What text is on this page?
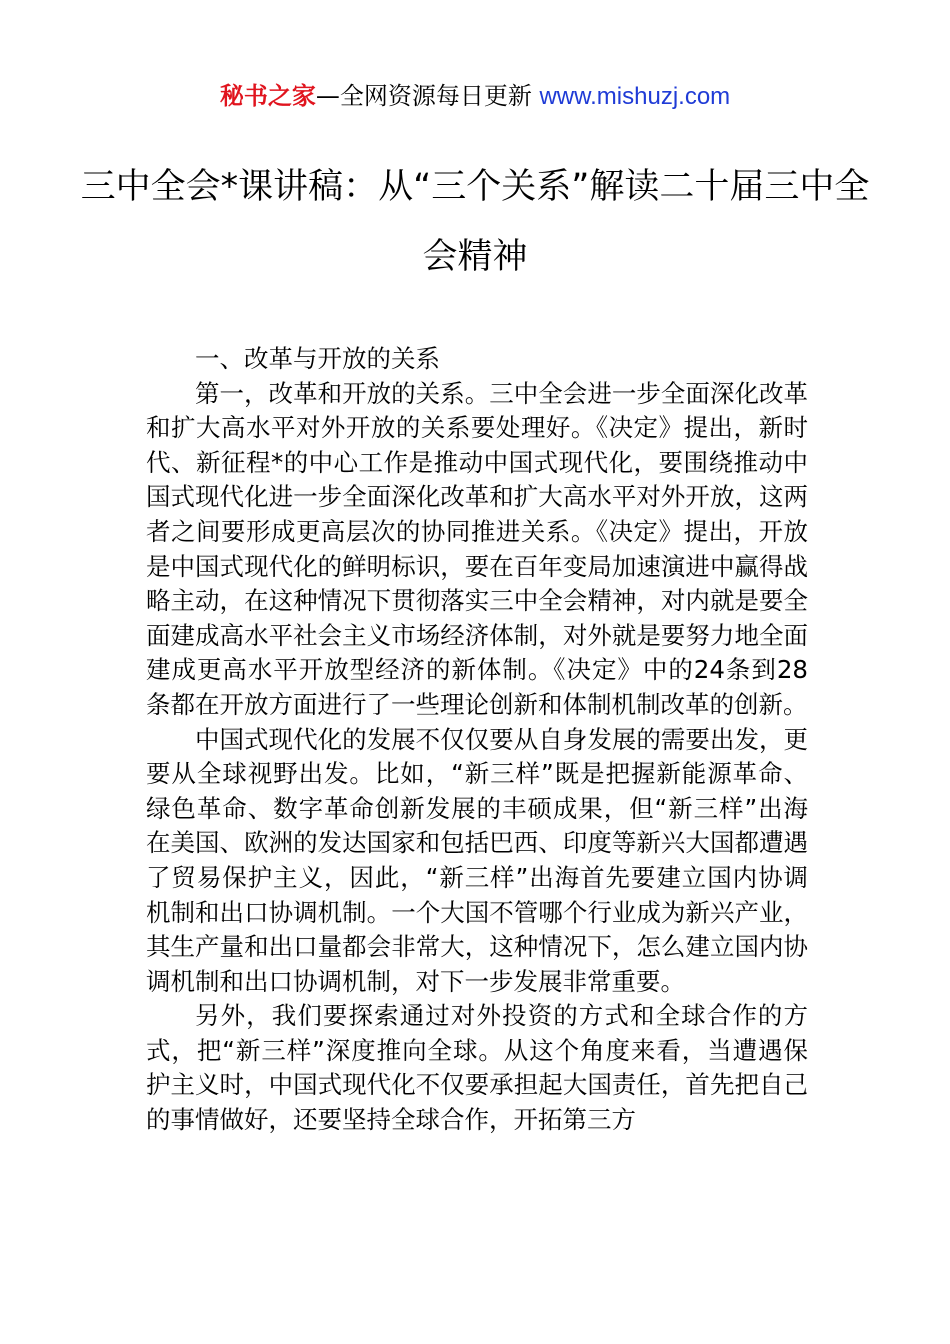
秘书之家—全网资源每日更新 www.mishuzj.com
三中全会*课讲稿：从“三个关系”解读二十届三中全会精神

一、改革与开放的关系

第一，改革和开放的关系。三中全会进一步全面深化改革和扩大高水平对外开放的关系要处理好。《决定》提出，新时代、新征程*的中心工作是推动中国式现代化，要围绕推动中国式现代化进一步全面深化改革和扩大高水平对外开放，这两者之间要形成更高层次的协同推进关系。《决定》提出，开放是中国式现代化的鲜明标识，要在百年变局加速演进中赢得战略主动，在这种情况下贯彻落实三中全会精神，对内就是要全面建成高水平社会主义市场经济体制，对外就是要努力地全面建成更高水平开放型经济的新体制。《决定》中的24条到28条都在开放方面进行了一些理论创新和体制机制改革的创新。

中国式现代化的发展不仅仅要从自身发展的需要出发，更要从全球视野出发。比如，“新三样”既是把握新能源革命、绿色革命、数字革命创新发展的丰硕成果，但“新三样”出海在美国、欧洲的发达国家和包括巴西、印度等新兴大国都遭遇了贸易保护主义，因此，“新三样”出海首先要建立国内协调机制和出口协调机制。一个大国不管哪个行业成为新兴产业，其生产量和出口量都会非常大，这种情况下，怎么建立国内协调机制和出口协调机制，对下一步发展非常重要。

另外，我们要探索通过对外投资的方式和全球合作的方式，把“新三样”深度推向全球。从这个角度来看，当遭遇保护主义时，中国式现代化不仅要承担起大国责任，首先把自己的事情做好，还要坚持全球合作，开拓第三方
